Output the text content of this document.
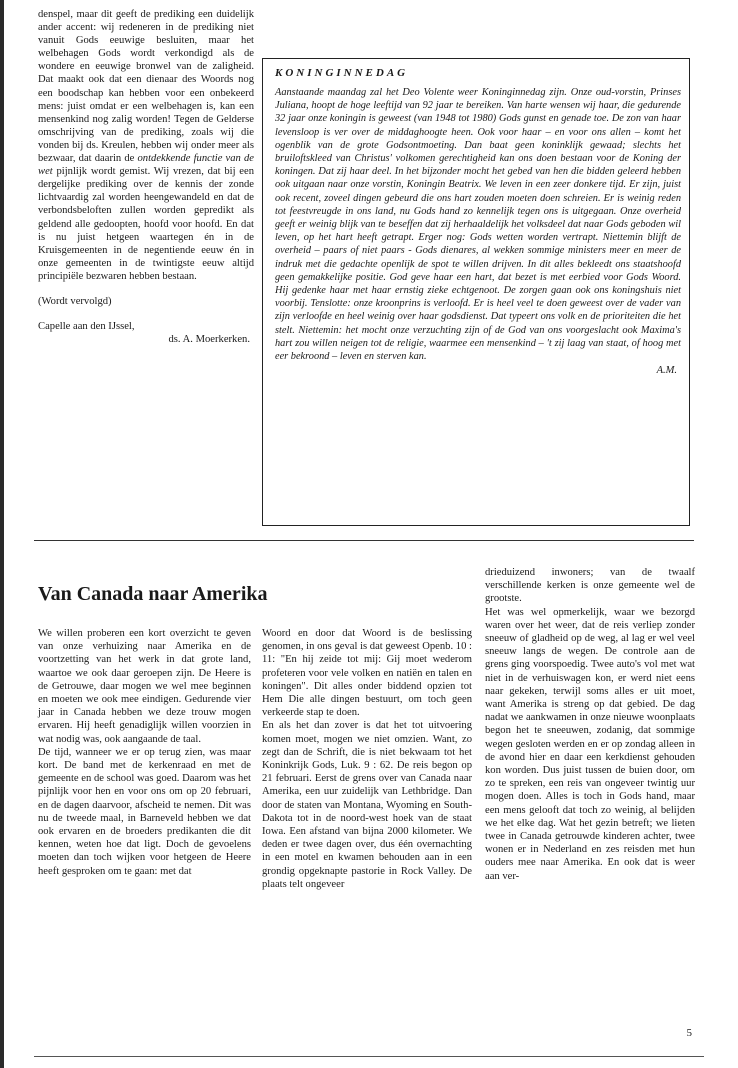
denspel, maar dit geeft de prediking een duidelijk ander accent: wij redeneren in de prediking niet vanuit Gods eeuwige besluiten, maar het welbehagen Gods wordt verkondigd als de wondere en eeuwige bronwel van de zaligheid. Dat maakt ook dat een dienaar des Woords nog een boodschap kan hebben voor een onbekeerd mens: juist omdat er een welbehagen is, kan een mensenkind nog zalig worden! Tegen de Gelderse omschrijving van de prediking, zoals wij die vonden bij ds. Kreulen, hebben wij onder meer als bezwaar, dat daarin de ontdekkende functie van de wet pijnlijk wordt gemist. Wij vrezen, dat bij een dergelijke prediking over de kennis der zonde lichtvaardig zal worden heengewandeld en dat de verbondsbeloften zullen worden gepredikt als geldend alle gedoopten, hoofd voor hoofd. En dat is nu juist hetgeen waartegen én in de Kruisgemeenten in de negentiende eeuw én in onze gemeenten in de twintigste eeuw altijd principiële bezwaren hebben bestaan.

(Wordt vervolgd)

Capelle aan den IJssel,

ds. A. Moerkerken.

KONINGINNEDAG

Aanstaande maandag zal het Deo Volente weer Koninginnedag zijn. Onze oud-vorstin, Prinses Juliana, hoopt de hoge leeftijd van 92 jaar te bereiken. Van harte wensen wij haar, die gedurende 32 jaar onze koningin is geweest (van 1948 tot 1980) Gods gunst en genade toe. De zon van haar levensloop is ver over de middaghoogte heen. Ook voor haar – en voor ons allen – komt het ogenblik van de grote Godsontmoeting. Dan baat geen koninklijk gewaad; slechts het bruiloftskleed van Christus' volkomen gerechtigheid kan ons doen bestaan voor de Koning der koningen. Dat zij haar deel. In het bijzonder mocht het gebed van hen die bidden geleerd hebben ook uitgaan naar onze vorstin, Koningin Beatrix. We leven in een zeer donkere tijd. Er zijn, juist ook recent, zoveel dingen gebeurd die ons hart zouden moeten doen schreien. Er is weinig reden tot feestvreugde in ons land, nu Gods hand zo kennelijk tegen ons is uitgegaan. Onze overheid geeft er weinig blijk van te beseffen dat zij herhaaldelijk het volksdeel dat naar Gods geboden wil leven, op het hart heeft getrapt. Erger nog: Gods wetten worden vertrapt. Niettemin blijft de overheid – paars of niet paars - Gods dienares, al wekken sommige ministers meer en meer de indruk met die gedachte openlijk de spot te willen drijven. In dit alles bekleedt ons staatshoofd geen gemakkelijke positie. God geve haar een hart, dat bezet is met eerbied voor Gods Woord. Hij gedenke haar met haar ernstig zieke echtgenoot. De zorgen gaan ook ons koningshuis niet voorbij. Tenslotte: onze kroonprins is verloofd. Er is heel veel te doen geweest over de vader van zijn verloofde en heel weinig over haar godsdienst. Dat typeert ons volk en de prioriteiten die het stelt. Niettemin: het mocht onze verzuchting zijn of de God van ons voorgeslacht ook Maxima's hart zou willen neigen tot de religie, waarmee een mensenkind – 't zij laag van staat, of hoog met eer bekroond – leven en sterven kan.

A.M.

Van Canada naar Amerika

We willen proberen een kort overzicht te geven van onze verhuizing naar Amerika en de voortzetting van het werk in dat grote land, waartoe we ook daar geroepen zijn. De Heere is de Getrouwe, daar mogen we wel mee beginnen en moeten we ook mee eindigen. Gedurende vier jaar in Canada hebben we deze trouw mogen ervaren. Hij heeft genadiglijk willen voorzien in wat nodig was, ook aangaande de taal.
De tijd, wanneer we er op terug zien, was maar kort. De band met de kerkenraad en met de gemeente en de school was goed. Daarom was het pijnlijk voor hen en voor ons om op 20 februari, en de dagen daarvoor, afscheid te nemen. Dit was nu de tweede maal, in Barneveld hebben we dat ook ervaren en de broeders predikanten die dit kennen, weten hoe dat ligt. Doch de gevoelens moeten dan toch wijken voor hetgeen de Heere heeft gesproken om te gaan: met dat

Woord en door dat Woord is de beslissing genomen, in ons geval is dat geweest Openb. 10 : 11: "En hij zeide tot mij: Gij moet wederom profeteren voor vele volken en natiën en talen en koningen". Dit alles onder biddend opzien tot Hem Die alle dingen bestuurt, om toch geen verkeerde stap te doen.
En als het dan zover is dat het tot uitvoering komen moet, mogen we niet omzien. Want, zo zegt dan de Schrift, die is niet bekwaam tot het Koninkrijk Gods, Luk. 9 : 62. De reis begon op 21 februari. Eerst de grens over van Canada naar Amerika, een uur zuidelijk van Lethbridge. Dan door de staten van Montana, Wyoming en South-Dakota tot in de noord-west hoek van de staat Iowa. Een afstand van bijna 2000 kilometer. We deden er twee dagen over, dus één overnachting in een motel en kwamen behouden aan in een grondig opgeknapte pastorie in Rock Valley. De plaats telt ongeveer

drieduizend inwoners; van de twaalf verschillende kerken is onze gemeente wel de grootste.
Het was wel opmerkelijk, waar we bezorgd waren over het weer, dat de reis verliep zonder sneeuw of gladheid op de weg, al lag er wel veel sneeuw langs de wegen. De controle aan de grens ging voorspoedig. Twee auto's vol met wat niet in de verhuiswagen kon, er werd niet eens naar gekeken, terwijl soms alles er uit moet, want Amerika is streng op dat gebied. De dag nadat we aankwamen in onze nieuwe woonplaats begon het te sneeuwen, zodanig, dat sommige wegen gesloten werden en er op zondag alleen in de avond hier en daar een kerkdienst gehouden kon worden. Dus juist tussen de buien door, om zo te spreken, een reis van ongeveer twintig uur mogen doen. Alles is toch in Gods hand, maar een mens gelooft dat toch zo weinig, al belijden we het elke dag. Wat het gezin betreft; we lieten twee in Canada getrouwde kinderen achter, twee wonen er in Nederland en zes reisden met hun ouders mee naar Amerika. En ook dat is weer aan ver-

5
